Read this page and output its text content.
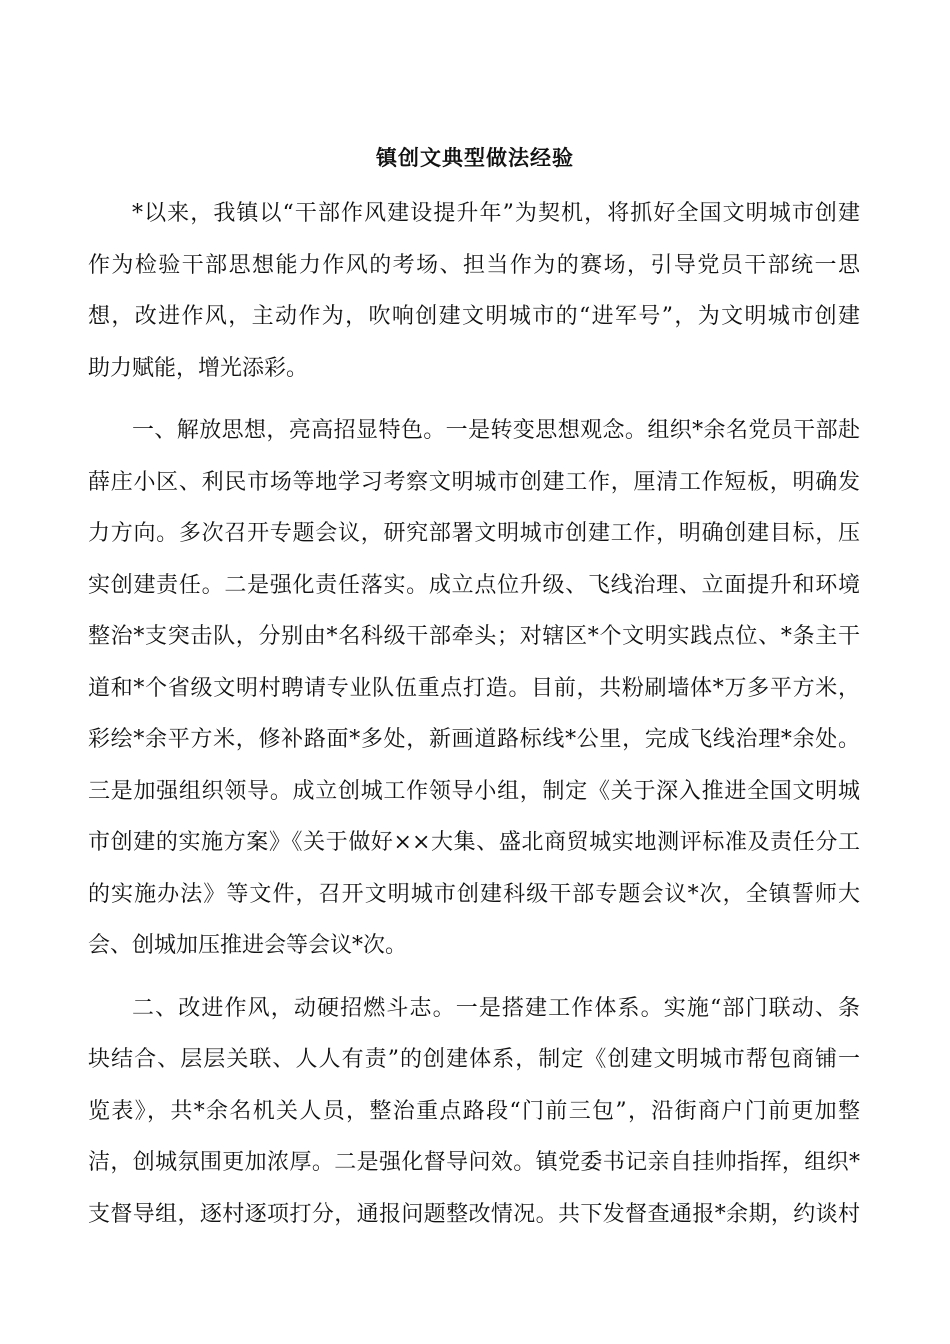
镇创文典型做法经验
*以来，我镇以“干部作风建设提升年”为契机，将抓好全国文明城市创建
作为检验干部思想能力作风的考场、担当作为的赛场，引导党员干部统一思
想，改进作风，主动作为，吹响创建文明城市的“进军号”，为文明城市创建
助力赋能，增光添彩。
一、解放思想，亮高招显特色。一是转变思想观念。组织*余名党员干部赴
薛庄小区、利民市场等地学习考察文明城市创建工作，厘清工作短板，明确发
力方向。多次召开专题会议，研究部署文明城市创建工作，明确创建目标，压
实创建责任。二是强化责任落实。成立点位升级、飞线治理、立面提升和环境
整治*支突击队，分别由*名科级干部牵头；对辖区*个文明实践点位、*条主干
道和*个省级文明村聘请专业队伍重点打造。目前，共粉刷墙体*万多平方米，
彩绘*余平方米，修补路面*多处，新画道路标线*公里，完成飞线治理*余处。
三是加强组织领导。成立创城工作领导小组，制定《关于深入推进全国文明城
市创建的实施方案》《关于做好××大集、盛北商贸城实地测评标准及责任分工
的实施办法》等文件，召开文明城市创建科级干部专题会议*次，全镇誓师大
会、创城加压推进会等会议*次。
二、改进作风，动硬招燃斗志。一是搭建工作体系。实施“部门联动、条
块结合、层层关联、人人有责”的创建体系，制定《创建文明城市帮包商铺一
览表》，共*余名机关人员，整治重点路段“门前三包”，沿街商户门前更加整
洁，创城氛围更加浓厚。二是强化督导问效。镇党委书记亲自挂帅指挥，组织*
支督导组，逐村逐项打分，通报问题整改情况。共下发督查通报*余期，约谈村
